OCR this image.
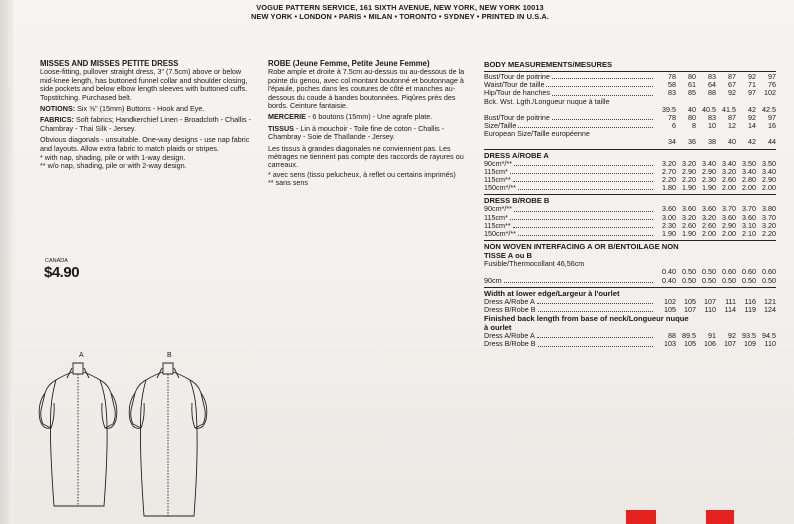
VOGUE PATTERN SERVICE, 161 SIXTH AVENUE, NEW YORK, NEW YORK 10013
NEW YORK • LONDON • PARIS • MILAN • TORONTO • SYDNEY • PRINTED IN U.S.A.
MISSES AND MISSES PETITE DRESS

Loose-fitting, pullover straight dress, 3" (7.5cm) above or below mid-knee length, has buttoned funnel collar and shoulder closing, side pockets and below elbow length sleeves with buttoned cuffs. Topstitching. Purchased belt.

NOTIONS: Six ⅝" (15mm) Buttons - Hook and Eye.

FABRICS: Soft fabrics; Handkerchief Linen - Broadcloth - Challis - Chambray - Thai Silk - Jersey.

Obvious diagonals - unsuitable. One-way designs - use nap fabric and layouts. Allow extra fabric to match plaids or stripes.

* with nap, shading, pile or with 1-way design.
** w/o nap, shading, pile or with 2-way design.
ROBE (Jeune Femme, Petite Jeune Femme)

Robe ample et droite à 7.5cm au-dessus ou au-dessous de la pointe du genou, avec col montant boutonné et boutonnage à l'épaule, poches dans les coutures de côté et manches au-dessous du coude à bandes boutonnées. Piqûres près des bords. Ceinture fantaisie.

MERCERIE - 6 boutons (15mm) - Une agrafe plate.

TISSUS - Lin à mouchoir - Toile fine de coton - Challis - Chambray - Soie de Thaïlande - Jersey.

Les tissus à grandes diagonales ne conviennent pas. Les métrages ne tiennent pas compte des raccords de rayures ou carreaux.

* avec sens (tissu pelucheux, à reflet ou certains imprimés)
** sans sens
CANADA
$4.90
A	B
BODY MEASUREMENTS/MESURES
Bust/Tour de poitrine	78	80	83	87	92	97
Waist/Tour de taille	58	61	64	67	71	76
Hip/Tour de hanches	83	85	88	92	97	102
Bck. Wst. Lgth./Longueur nuque à taille
39.5	40 40.5 41.5	42 42.5
Bust/Tour de poitrine	78	80	83	87	92	97
Size/Taille	6	8	10	12	14	16
European Size/Taille européenne
34	36	38	40	42	44
DRESS A/ROBE A
90cm*/**	3.20 3.20 3.40 3.40 3.50 3.50
115cm*	2.70 2.90 2.90 3.20 3.40 3.40
115cm**	2.20 2.20 2.30 2.60 2.80 2.90
150cm*/**	1.80 1.90 1.90 2.00 2.00 2.00
DRESS B/ROBE B
90cm*/**	3.60 3.60 3.60 3.70 3.70 3.80
115cm*	3.00 3.20 3.20 3.60 3.60 3.70
115cm**	2.30 2.60 2.60 2.90 3.10 3.20
150cm*/**	1.90 1.90 2.00 2.00 2.10 2.20
NON WOVEN INTERFACING A OR B/ENTOILAGE NON
TISSE A ou B
Fusible/Thermocollant 46,56cm
0.40 0.50 0.50 0.60 0.60 0.60
90cm	0.40 0.50 0.50 0.50 0.50 0.50
Width at lower edge/Largeur à l'ourlet
Dress A/Robe A	102	105	107	111	116	121
Dress B/Robe B	105	107	110	114	119	124
Finished back length from base of neck/Longueur nuque
à ourlet
Dress A/Robe A	88 89.5	91	92 93.5 94.5
Dress B/Robe B	103	105	106	107	109	110
